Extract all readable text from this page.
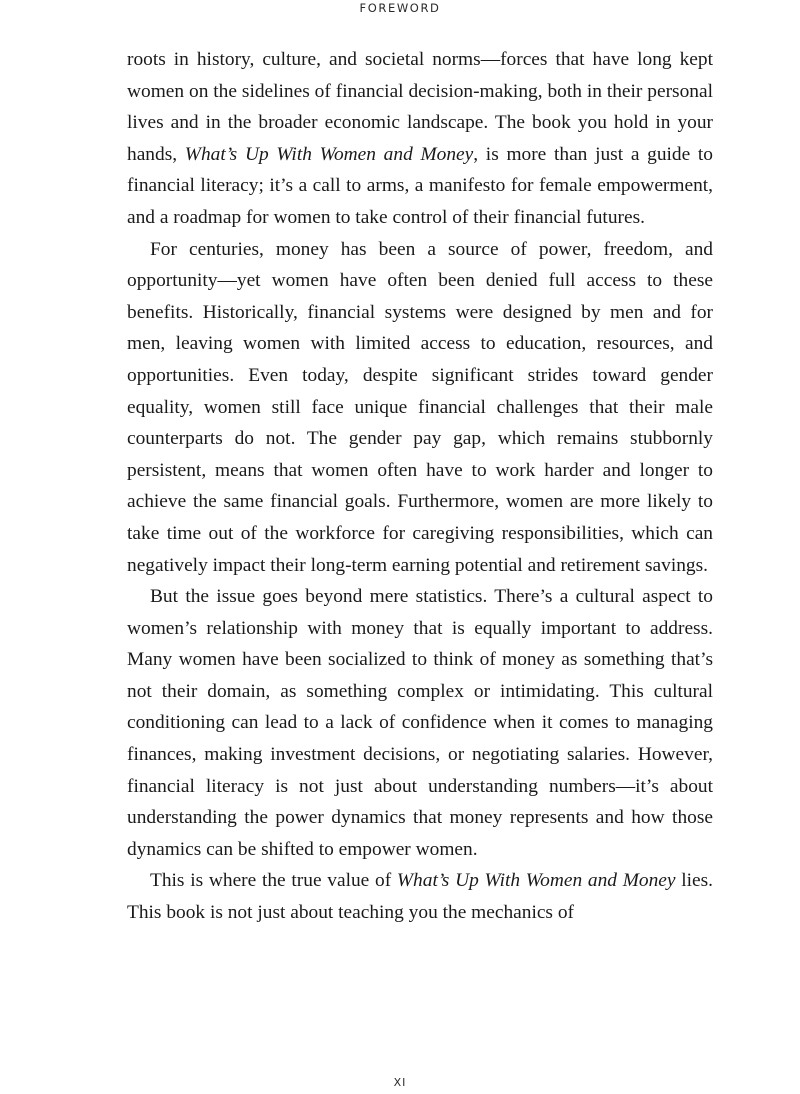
FOREWORD

roots in history, culture, and societal norms—forces that have long kept women on the sidelines of financial decision-making, both in their personal lives and in the broader economic landscape. The book you hold in your hands, What’s Up With Women and Money, is more than just a guide to financial literacy; it’s a call to arms, a manifesto for female empowerment, and a roadmap for women to take control of their financial futures.

For centuries, money has been a source of power, freedom, and opportunity—yet women have often been denied full access to these benefits. Historically, financial systems were designed by men and for men, leaving women with limited access to education, resources, and opportunities. Even today, despite significant strides toward gender equality, women still face unique financial challenges that their male counterparts do not. The gender pay gap, which remains stubbornly persistent, means that women often have to work harder and longer to achieve the same financial goals. Furthermore, women are more likely to take time out of the workforce for caregiving responsibilities, which can negatively impact their long-term earning potential and retirement savings.

But the issue goes beyond mere statistics. There’s a cultural aspect to women’s relationship with money that is equally important to address. Many women have been socialized to think of money as something that’s not their domain, as something complex or intimidating. This cultural conditioning can lead to a lack of confidence when it comes to managing finances, making investment decisions, or negotiating salaries. However, financial literacy is not just about understanding numbers—it’s about understanding the power dynamics that money represents and how those dynamics can be shifted to empower women.

This is where the true value of What’s Up With Women and Money lies. This book is not just about teaching you the mechanics of

XI
